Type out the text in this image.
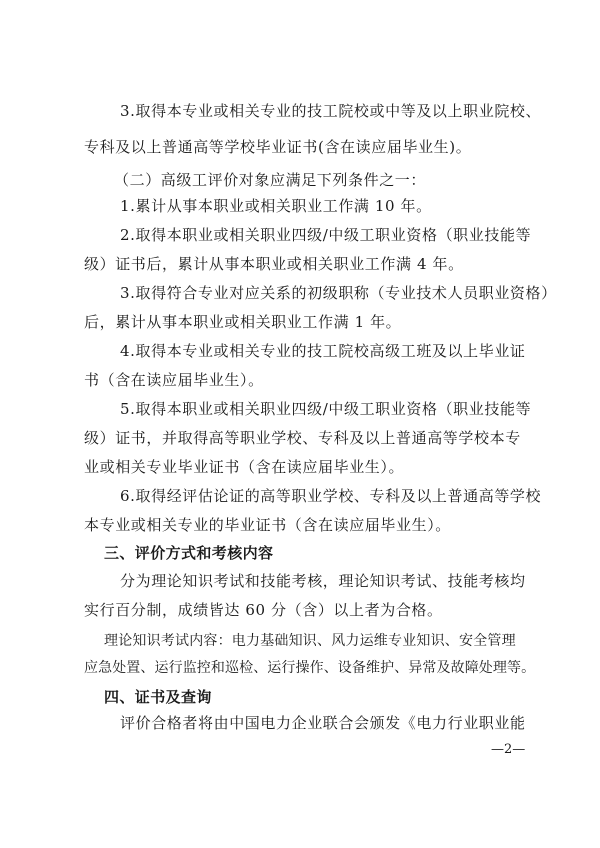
3.取得本专业或相关专业的技工院校或中等及以上职业院校、
专科及以上普通高等学校毕业证书(含在读应届毕业生)。
（二）高级工评价对象应满足下列条件之一：
1.累计从事本职业或相关职业工作满 10 年。
2.取得本职业或相关职业四级/中级工职业资格（职业技能等
级）证书后，累计从事本职业或相关职业工作满 4 年。
3.取得符合专业对应关系的初级职称（专业技术人员职业资格）
后，累计从事本职业或相关职业工作满 1 年。
4.取得本专业或相关专业的技工院校高级工班及以上毕业证
书（含在读应届毕业生）。
5.取得本职业或相关职业四级/中级工职业资格（职业技能等
级）证书，并取得高等职业学校、专科及以上普通高等学校本专
业或相关专业毕业证书（含在读应届毕业生）。
6.取得经评估论证的高等职业学校、专科及以上普通高等学校
本专业或相关专业的毕业证书（含在读应届毕业生）。
三、评价方式和考核内容
分为理论知识考试和技能考核，理论知识考试、技能考核均
实行百分制，成绩皆达 60 分（含）以上者为合格。
理论知识考试内容：电力基础知识、风力运维专业知识、安全管理
应急处置、运行监控和巡检、运行操作、设备维护、异常及故障处理等。
四、证书及查询
评价合格者将由中国电力企业联合会颁发《电力行业职业能
—2—
